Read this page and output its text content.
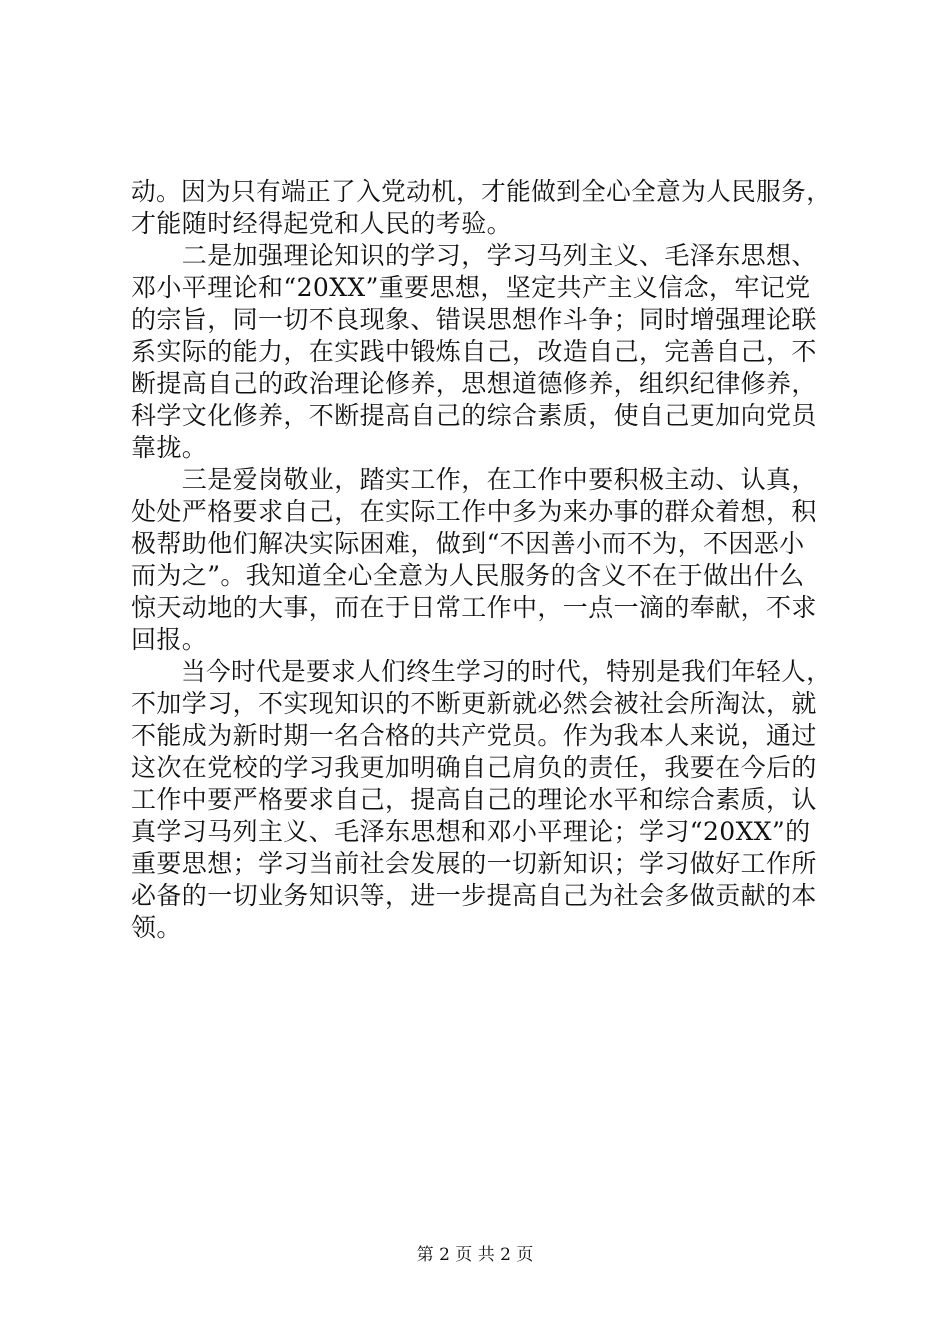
动。因为只有端正了入党动机，才能做到全心全意为人民服务，
才能随时经得起党和人民的考验。
　　二是加强理论知识的学习，学习马列主义、毛泽东思想、
邓小平理论和“20XX”重要思想，坚定共产主义信念，牢记党
的宗旨，同一切不良现象、错误思想作斗争；同时增强理论联
系实际的能力，在实践中锻炼自己，改造自己，完善自己，不
断提高自己的政治理论修养，思想道德修养，组织纪律修养，
科学文化修养，不断提高自己的综合素质，使自己更加向党员
靠拢。
　　三是爱岗敬业，踏实工作，在工作中要积极主动、认真，
处处严格要求自己，在实际工作中多为来办事的群众着想，积
极帮助他们解决实际困难，做到“不因善小而不为，不因恶小
而为之”。我知道全心全意为人民服务的含义不在于做出什么
惊天动地的大事，而在于日常工作中，一点一滴的奉献，不求
回报。
　　当今时代是要求人们终生学习的时代，特别是我们年轻人，
不加学习，不实现知识的不断更新就必然会被社会所淘汰，就
不能成为新时期一名合格的共产党员。作为我本人来说，通过
这次在党校的学习我更加明确自己肩负的责任，我要在今后的
工作中要严格要求自己，提高自己的理论水平和综合素质，认
真学习马列主义、毛泽东思想和邓小平理论；学习“20XX”的
重要思想；学习当前社会发展的一切新知识；学习做好工作所
必备的一切业务知识等，进一步提高自己为社会多做贡献的本
领。
第 2 页 共 2 页
